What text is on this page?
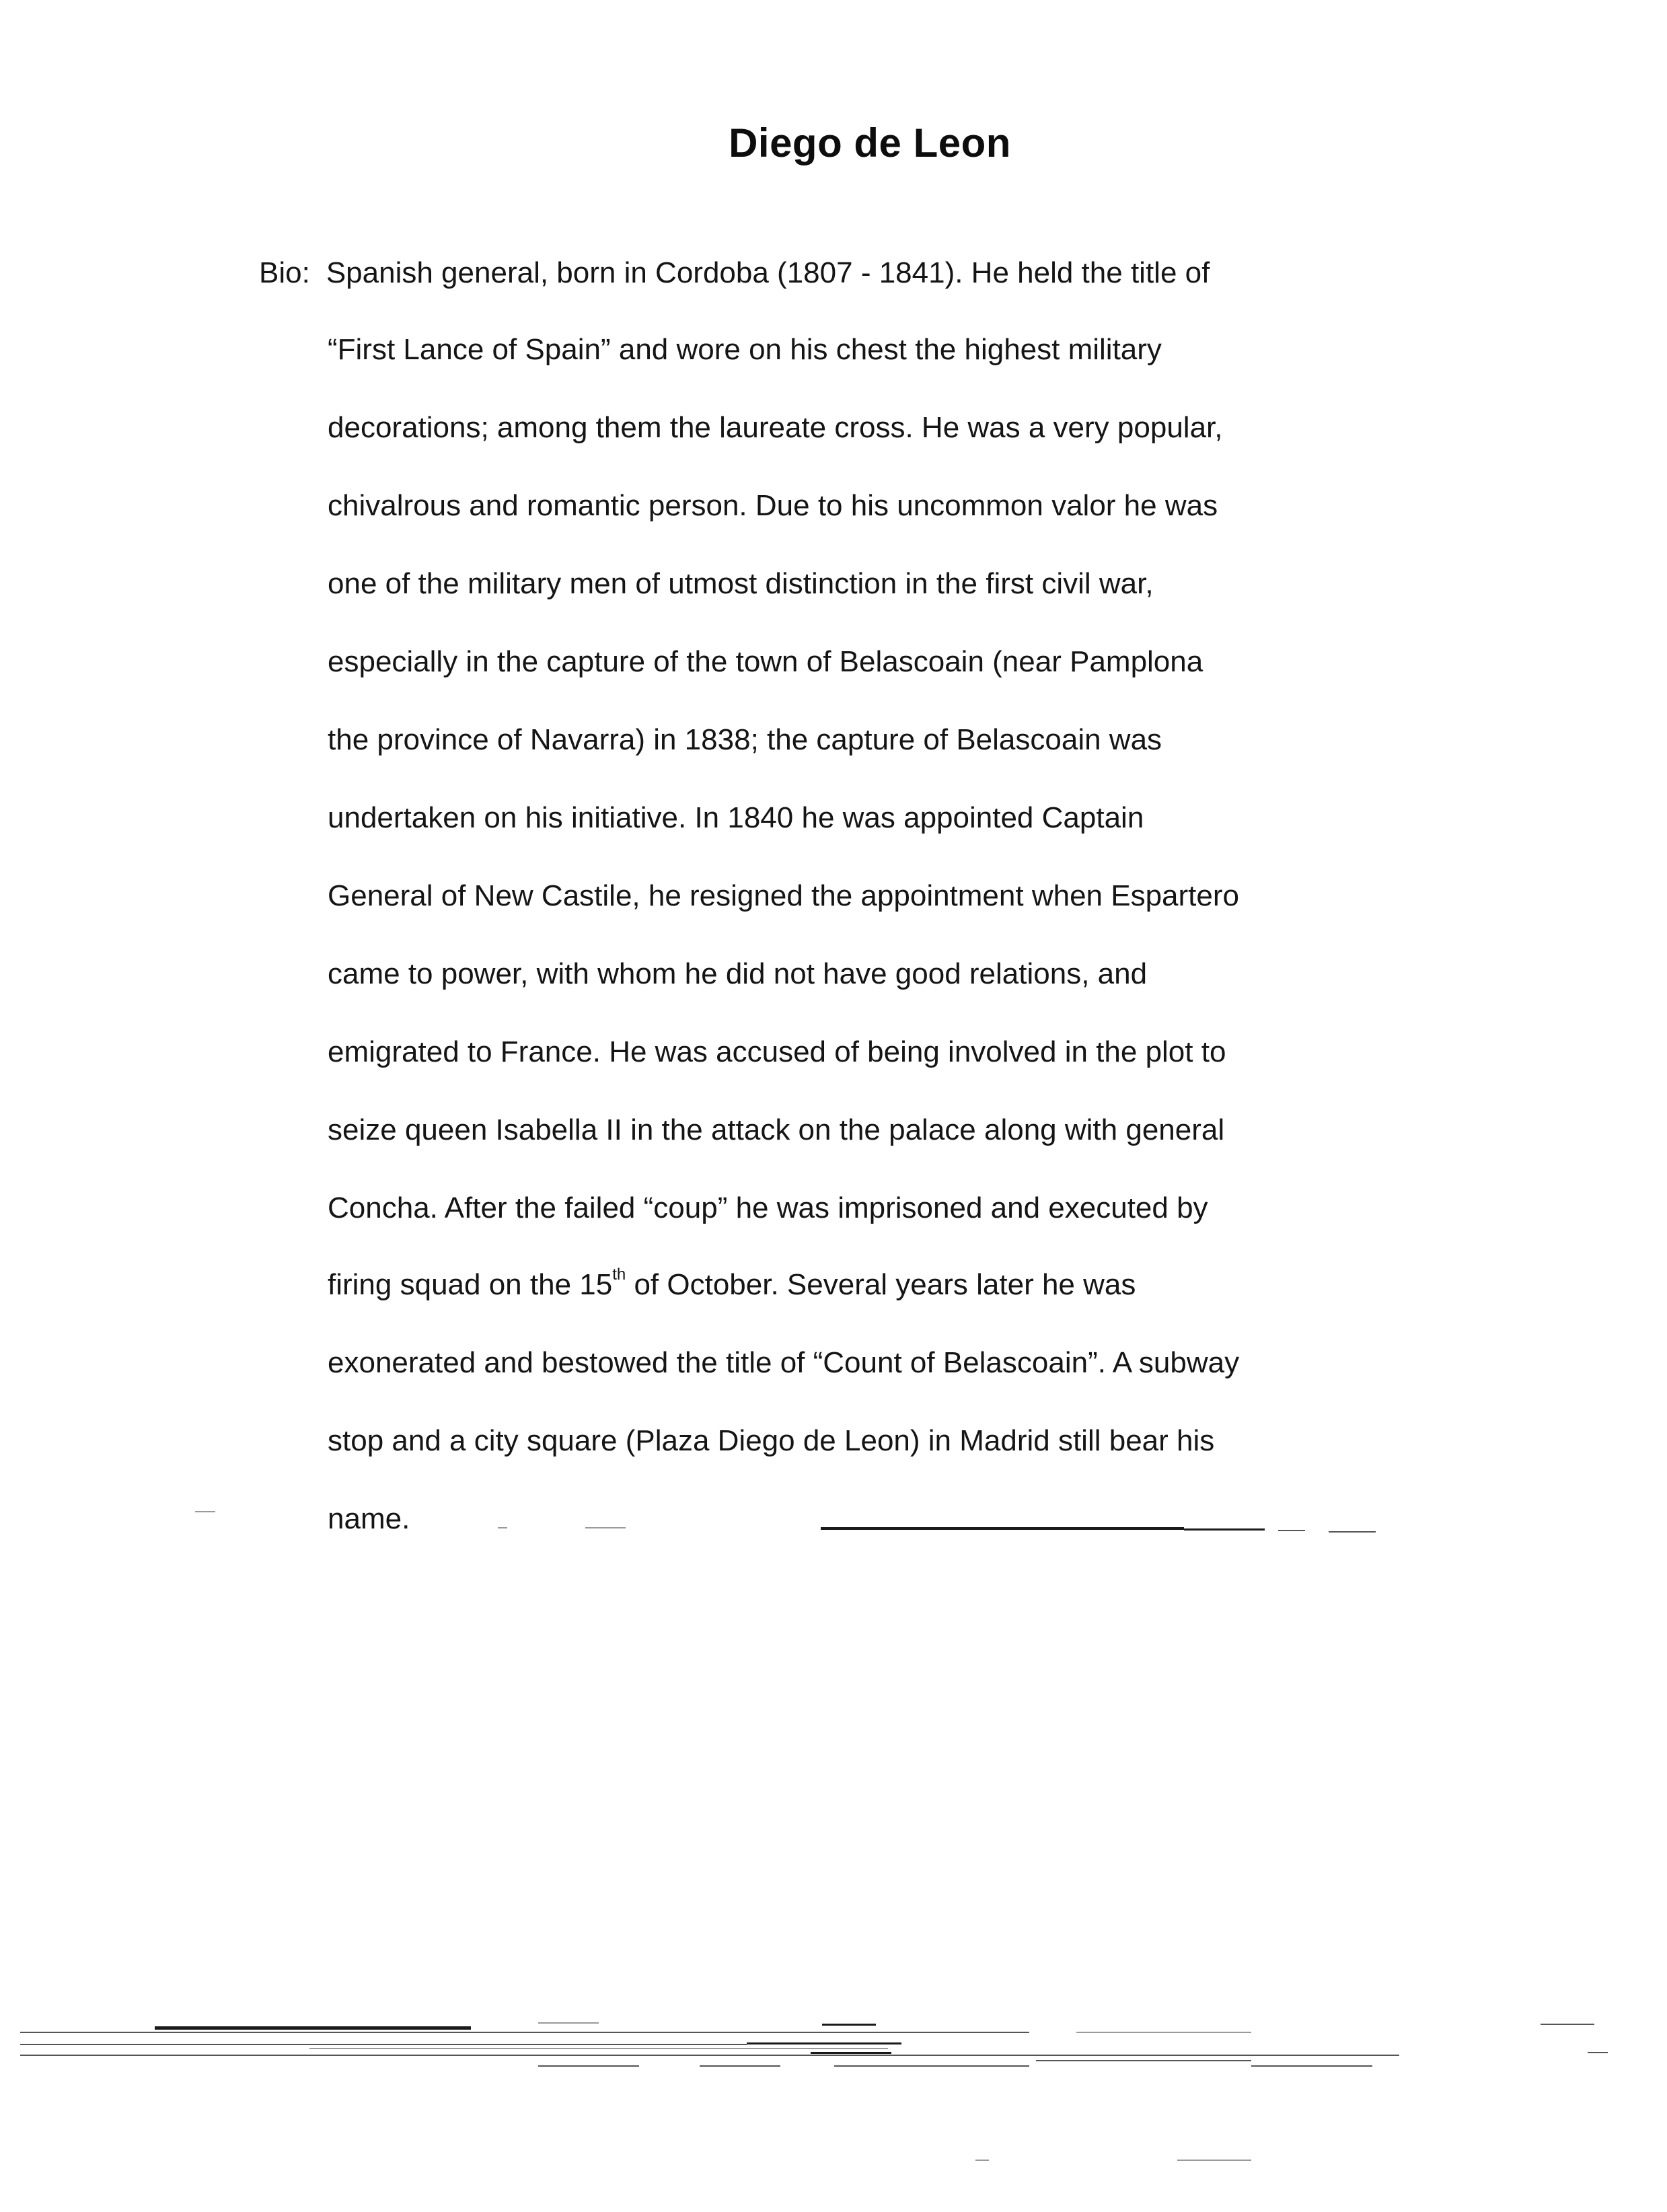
Diego de Leon
Bio: Spanish general, born in Cordoba (1807 - 1841). He held the title of
“First Lance of Spain” and wore on his chest the highest military
decorations; among them the laureate cross. He was a very popular,
chivalrous and romantic person. Due to his uncommon valor he was
one of the military men of utmost distinction in the first civil war,
especially in the capture of the town of Belascoain (near Pamplona
the province of Navarra) in 1838; the capture of Belascoain was
undertaken on his initiative. In 1840 he was appointed Captain
General of New Castile, he resigned the appointment when Espartero
came to power, with whom he did not have good relations, and
emigrated to France. He was accused of being involved in the plot to
seize queen Isabella II in the attack on the palace along with general
Concha. After the failed “coup” he was imprisoned and executed by
firing squad on the 15th of October. Several years later he was
exonerated and bestowed the title of “Count of Belascoain”. A subway
stop and a city square (Plaza Diego de Leon) in Madrid still bear his
name.
